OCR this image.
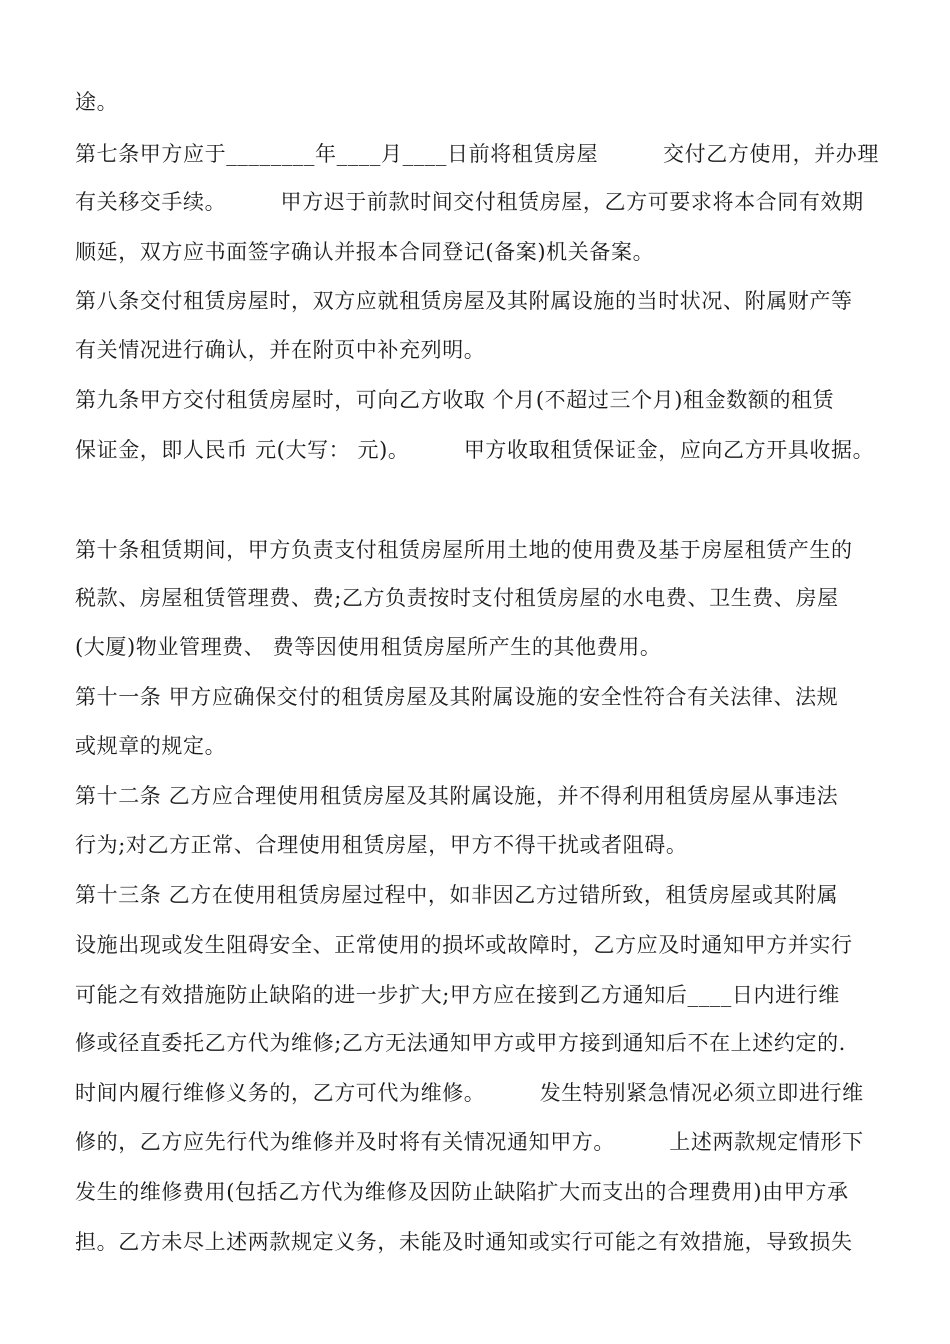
途。
第七条甲方应于________年____月____日前将租赁房屋　　　交付乙方使用，并办理
有关移交手续。　　　甲方迟于前款时间交付租赁房屋，乙方可要求将本合同有效期
顺延，双方应书面签字确认并报本合同登记(备案)机关备案。
第八条交付租赁房屋时，双方应就租赁房屋及其附属设施的当时状况、附属财产等
有关情况进行确认，并在附页中补充列明。
第九条甲方交付租赁房屋时，可向乙方收取 个月(不超过三个月)租金数额的租赁
保证金，即人民币 元(大写： 元)。　　　甲方收取租赁保证金，应向乙方开具收据。
第十条租赁期间，甲方负责支付租赁房屋所用土地的使用费及基于房屋租赁产生的
税款、房屋租赁管理费、费;乙方负责按时支付租赁房屋的水电费、卫生费、房屋
(大厦)物业管理费、 费等因使用租赁房屋所产生的其他费用。
第十一条 甲方应确保交付的租赁房屋及其附属设施的安全性符合有关法律、法规
或规章的规定。
第十二条 乙方应合理使用租赁房屋及其附属设施，并不得利用租赁房屋从事违法
行为;对乙方正常、合理使用租赁房屋，甲方不得干扰或者阻碍。
第十三条 乙方在使用租赁房屋过程中，如非因乙方过错所致，租赁房屋或其附属
设施出现或发生阻碍安全、正常使用的损坏或故障时，乙方应及时通知甲方并实行
可能之有效措施防止缺陷的进一步扩大;甲方应在接到乙方通知后____日内进行维
修或径直委托乙方代为维修;乙方无法通知甲方或甲方接到通知后不在上述约定的.
时间内履行维修义务的，乙方可代为维修。　　　发生特别紧急情况必须立即进行维
修的，乙方应先行代为维修并及时将有关情况通知甲方。　　　上述两款规定情形下
发生的维修费用(包括乙方代为维修及因防止缺陷扩大而支出的合理费用)由甲方承
担。乙方未尽上述两款规定义务，未能及时通知或实行可能之有效措施，导致损失
